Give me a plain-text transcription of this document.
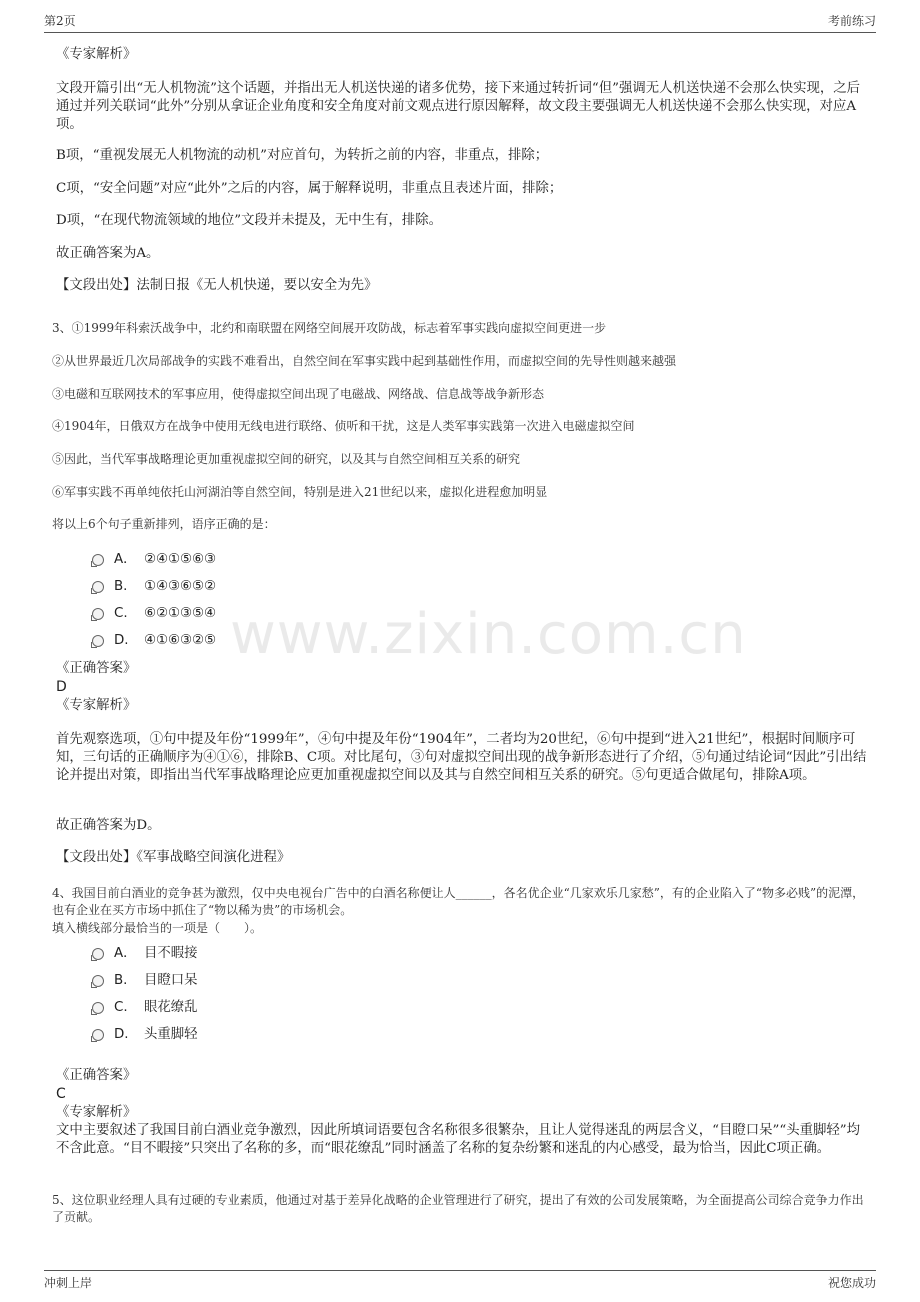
第2页	考前练习
www.zixin.com.cn
《专家解析》
文段开篇引出“无人机物流”这个话题，并指出无人机送快递的诸多优势，接下来通过转折词“但”强调无人机送快递不会那么快实现，之后通过并列关联词“此外”分别从拿证企业角度和安全角度对前文观点进行原因解释，故文段主要强调无人机送快递不会那么快实现，对应A项。
B项，“重视发展无人机物流的动机”对应首句，为转折之前的内容，非重点，排除；
C项，“安全问题”对应“此外”之后的内容，属于解释说明，非重点且表述片面，排除；
D项，“在现代物流领域的地位”文段并未提及，无中生有，排除。
故正确答案为A。
【文段出处】法制日报《无人机快递，要以安全为先》
3、①1999年科索沃战争中，北约和南联盟在网络空间展开攻防战，标志着军事实践向虚拟空间更进一步
②从世界最近几次局部战争的实践不难看出，自然空间在军事实践中起到基础性作用，而虚拟空间的先导性则越来越强
③电磁和互联网技术的军事应用，使得虚拟空间出现了电磁战、网络战、信息战等战争新形态
④1904年，日俄双方在战争中使用无线电进行联络、侦听和干扰，这是人类军事实践第一次进入电磁虚拟空间
⑤因此，当代军事战略理论更加重视虚拟空间的研究，以及其与自然空间相互关系的研究
⑥军事实践不再单纯依托山河湖泊等自然空间，特别是进入21世纪以来，虚拟化进程愈加明显
将以上6个句子重新排列，语序正确的是：
A． ②④①⑤⑥③
B. ①④③⑥⑤②
C. ⑥②①③⑤④
D. ④①⑥③②⑤
《正确答案》
D
《专家解析》
首先观察选项，①句中提及年份“1999年”，④句中提及年份“1904年”，二者均为20世纪，⑥句中提到“进入21世纪”，根据时间顺序可知，三句话的正确顺序为④①⑥，排除B、C项。对比尾句，③句对虚拟空间出现的战争新形态进行了介绍，⑤句通过结论词“因此”引出结论并提出对策，即指出当代军事战略理论应更加重视虚拟空间以及其与自然空间相互关系的研究。⑤句更适合做尾句，排除A项。
故正确答案为D。
【文段出处】《军事战略空间演化进程》
4、我国目前白酒业的竞争甚为激烈，仅中央电视台广告中的白酒名称便让人______，各名优企业“几家欢乐几家愁”，有的企业陷入了“物多必贱”的泥潭，也有企业在买方市场中抓住了“物以稀为贵”的市场机会。
填入横线部分最恰当的一项是（　　）。
A． 目不暇接
B. 目瞪口呆
C. 眼花缭乱
D. 头重脚轻
《正确答案》
C
《专家解析》
文中主要叙述了我国目前白酒业竞争激烈，因此所填词语要包含名称很多很繁杂，且让人觉得迷乱的两层含义，“目瞪口呆”“头重脚轻”均不含此意。“目不暇接”只突出了名称的多，而“眼花缭乱”同时涵盖了名称的复杂纷繁和迷乱的内心感受，最为恰当，因此C项正确。
5、这位职业经理人具有过硬的专业素质，他通过对基于差异化战略的企业管理进行了研究，提出了有效的公司发展策略，为全面提高公司综合竞争力作出了贡献。
冲刺上岸	祝您成功
